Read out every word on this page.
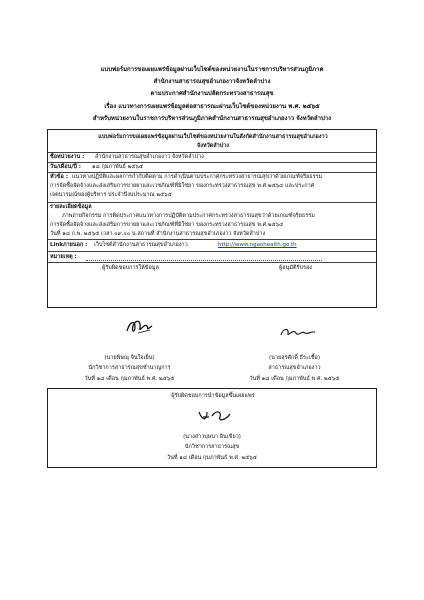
แบบฟอร์มการขอเผยแพร่ข้อมูลผ่านเว็บไซต์ของหน่วยงานในราชการบริหารส่วนภูมิภาค
สำนักงานสาธารณสุขอำเภองาวจังหวัดลำปาง
ตามประกาศสำนักงานปลัดกระทรวงสาธารณสุข
เรื่อง แนวทางการเผยแพร่ข้อมูลต่อสาธารณะผ่านเว็บไซต์ของหน่วยงาน พ.ศ. ๒๕๖๕
สำหรับหน่วยงานในราชการบริหารส่วนภูมิภาคสำนักงานสาธารณสุขอำเภองาว จังหวัดลำปาง
แบบฟอร์มการขอเผยแพร่ข้อมูลผ่านเว็บไซต์ของหน่วยงานในสังกัดสำนักงานสาธารณสุขอำเภองาว
จังหวัดลำปาง
ชื่อหน่วยงาน : สำนักงานสาธารณสุขอำเภองาว จังหวัดลำปาง
วัน/เดือน/ปี : ๑๘ กุมภาพันธ์ ๒๕๖๕
หัวข้อ : แนวทางปฏิบัติและผลการกำกับติดตาม การดำเนินตามประกาศกระทรวงสาธารณสุขว่าด้วยเกณฑ์จริยธรรม
การจัดซื้อจัดจ้างและส่งเสริมการขายยาและเวชภัณฑ์ที่มิใช่ยา ของกระทรวงสาธารณสุข พ.ศ.๒๕๖๔ และประกาศ
เจตนารมณ์ของผู้บริหาร ประจำปีงบประมาณ ๒๕๖๕
รายละเอียดข้อมูล
ภาพถ่ายกิจกรรม การติดประกาศแนวทางการปฏิบัติตามประกาศกระทรวงสาธารณสุขว่าด้วยเกณฑ์จริยธรรม
การจัดซื้อจัดจ้างและส่งเสริมการขายยาและเวชภัณฑ์ที่มิใช่ยา ของกระทรวงสาธารณสุข พ.ศ.๒๕๖๔
วันที่ ๑๘ ก.พ. ๒๕๖๕ เวลา ๐๙.๐๐ น.สถานที่ สำนักงานสาธารณสุขอำเภองาว จังหวัดลำปาง
Linkภายนอก : เว็บไซต์สำนักงานสาธารณสุขอำเภองาว	http://www.ngaohealth.go.th
หมายเหตุ :
ผู้รับผิดชอบการให้ข้อมูล	ผู้อนุมัติรับรอง
(นายพิษณุ จินใจเย็น)
นักวิชาการสาธารณสุขชำนาญการ
วันที่ ๑๘ เดือน กุมภาพันธ์ พ.ศ. ๒๕๖๕
(นายสุรศักดิ์ ธีระเชื้อ)
สาธารณสุขอำเภองาว
วันที่ ๑๘ เดือน กุมภาพันธ์ พ.ศ. ๒๕๖๕
ผู้รับผิดชอบการนำข้อมูลขึ้นเผยแพร่
(นางสาวบุษบา อินเขียว)
นักวิชาการสาธารณสุข
วันที่ ๑๘ เดือน กุมภาพันธ์ พ.ศ. ๒๕๖๕
